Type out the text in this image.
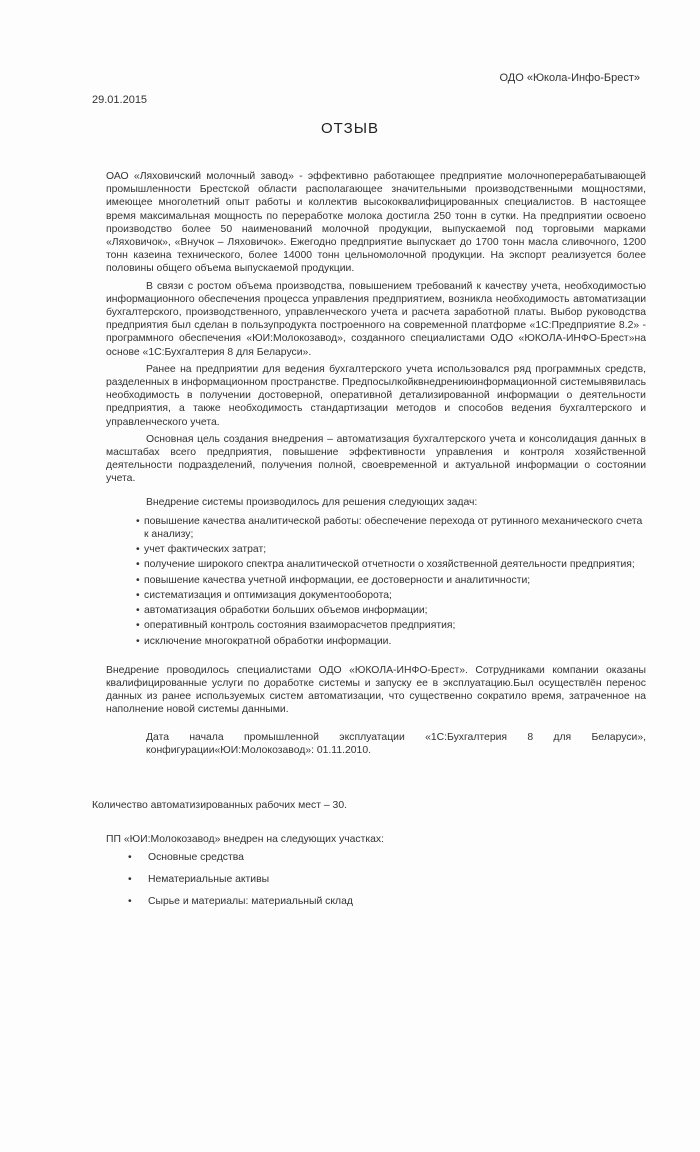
ОДО «Юкола-Инфо-Брест»
29.01.2015
ОТЗЫВ

ОАО «Ляховичский молочный завод» - эффективно работающее предприятие молочноперерабатывающей промышленности Брестской области располагающее значительными производственными мощностями, имеющее многолетний опыт работы и коллектив высококвалифицированных специалистов. В настоящее время максимальная мощность по переработке молока достигла 250 тонн в сутки. На предприятии освоено производство более 50 наименований молочной продукции, выпускаемой под торговыми марками «Ляховичок», «Внучок – Ляховичок». Ежегодно предприятие выпускает до 1700 тонн масла сливочного, 1200 тонн казеина технического, более 14000 тонн цельномолочной продукции. На экспорт реализуется более половины общего объема выпускаемой продукции.

В связи с ростом объема производства, повышением требований к качеству учета, необходимостью информационного обеспечения процесса управления предприятием, возникла необходимость автоматизации бухгалтерского, производственного, управленческого учета и расчета заработной платы. Выбор руководства предприятия был сделан в пользупродукта построенного на современной платформе «1С:Предприятие 8.2» - программного обеспечения «ЮИ:Молокозавод», созданного специалистами ОДО «ЮКОЛА-ИНФО-Брест»на основе «1С:Бухгалтерия 8 для Беларуси».

Ранее на предприятии для ведения бухгалтерского учета использовался ряд программных средств, разделенных в информационном пространстве. Предпосылкойквнедрениюинформационной системывявилась необходимость в получении достоверной, оперативной детализированной информации о деятельности предприятия, а также необходимость стандартизации методов и способов ведения бухгалтерского и управленческого учета.

Основная цель создания внедрения – автоматизация бухгалтерского учета и консолидация данных в масштабах всего предприятия, повышение эффективности управления и контроля хозяйственной деятельности подразделений, получения полной, своевременной и актуальной информации о состоянии учета.

Внедрение системы производилось для решения следующих задач:
• повышение качества аналитической работы: обеспечение перехода от рутинного механического счета к анализу;
• учет фактических затрат;
• получение широкого спектра аналитической отчетности о хозяйственной деятельности предприятия;
• повышение качества учетной информации, ее достоверности и аналитичности;
• систематизация и оптимизация документооборота;
• автоматизация обработки больших объемов информации;
• оперативный контроль состояния взаиморасчетов предприятия;
• исключение многократной обработки информации.

Внедрение проводилось специалистами ОДО «ЮКОЛА-ИНФО-Брест». Сотрудниками компании оказаны квалифицированные услуги по доработке системы и запуску ее в эксплуатацию.Был осуществлён перенос данных из ранее используемых систем автоматизации, что существенно сократило время, затраченное на наполнение новой системы данными.

Дата начала промышленной эксплуатации «1С:Бухгалтерия 8 для Беларуси», конфигурации«ЮИ:Молокозавод»: 01.11.2010.

Количество автоматизированных рабочих мест – 30.
ПП «ЮИ:Молокозавод» внедрен на следующих участках:
• Основные средства
• Нематериальные активы
• Сырье и материалы: материальный склад
